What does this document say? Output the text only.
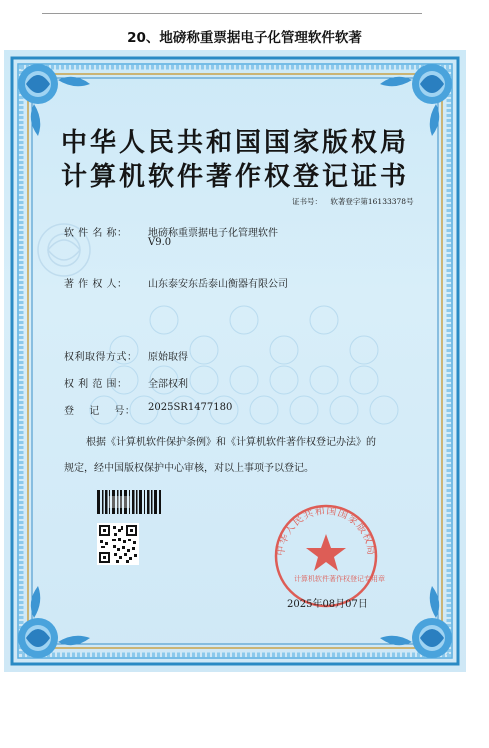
20、地磅称重票据电子化管理软件软著
中华人民共和国国家版权局
中华人民共和国国家版权局
计算机软件著作权登记证书
证书号： 软著登字第16133378号
软 件 名 称： 地磅称重票据电子化管理软件
V9.0
著 作 权 人： 山东泰安东岳泰山衡器有限公司
权利取得方式： 原始取得
权 利 范 围： 全部权利
登    记    号： 2025SR1477180
根据《计算机软件保护条例》和《计算机软件著作权登记办法》的
规定，经中国版权保护中心审核，对以上事项予以登记。
计算机软件著作权登记专用章
2025年08月07日
